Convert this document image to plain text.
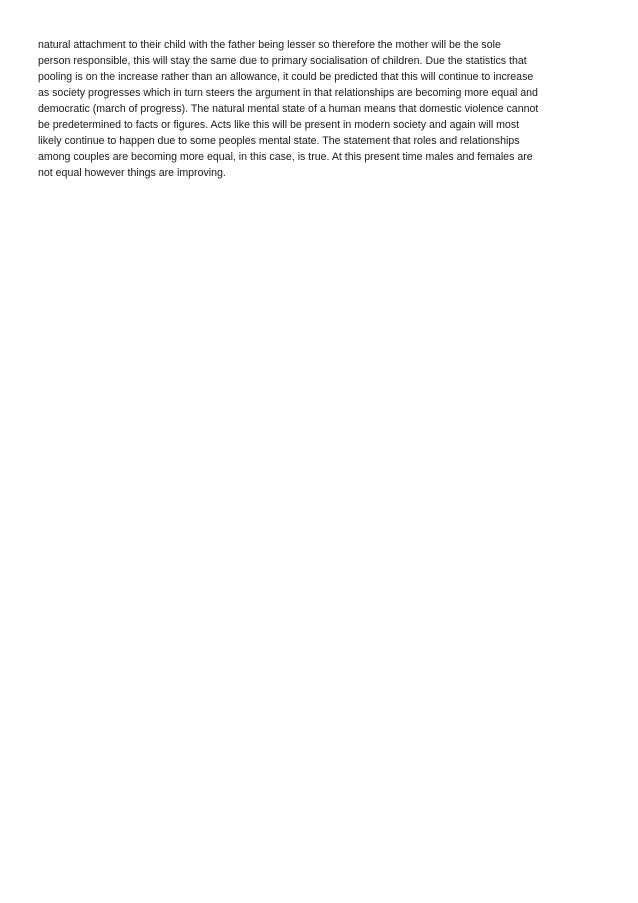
natural attachment to their child with the father being lesser so therefore the mother will be the sole
person responsible, this will stay the same due to primary socialisation of children. Due the statistics that
pooling is on the increase rather than an allowance, it could be predicted that this will continue to increase
as society progresses which in turn steers the argument in that relationships are becoming more equal and
democratic (march of progress). The natural mental state of a human means that domestic violence cannot
be predetermined to facts or figures. Acts like this will be present in modern society and again will most
likely continue to happen due to some peoples mental state. The statement that roles and relationships
among couples are becoming more equal, in this case, is true. At this present time males and females are
not equal however things are improving.
